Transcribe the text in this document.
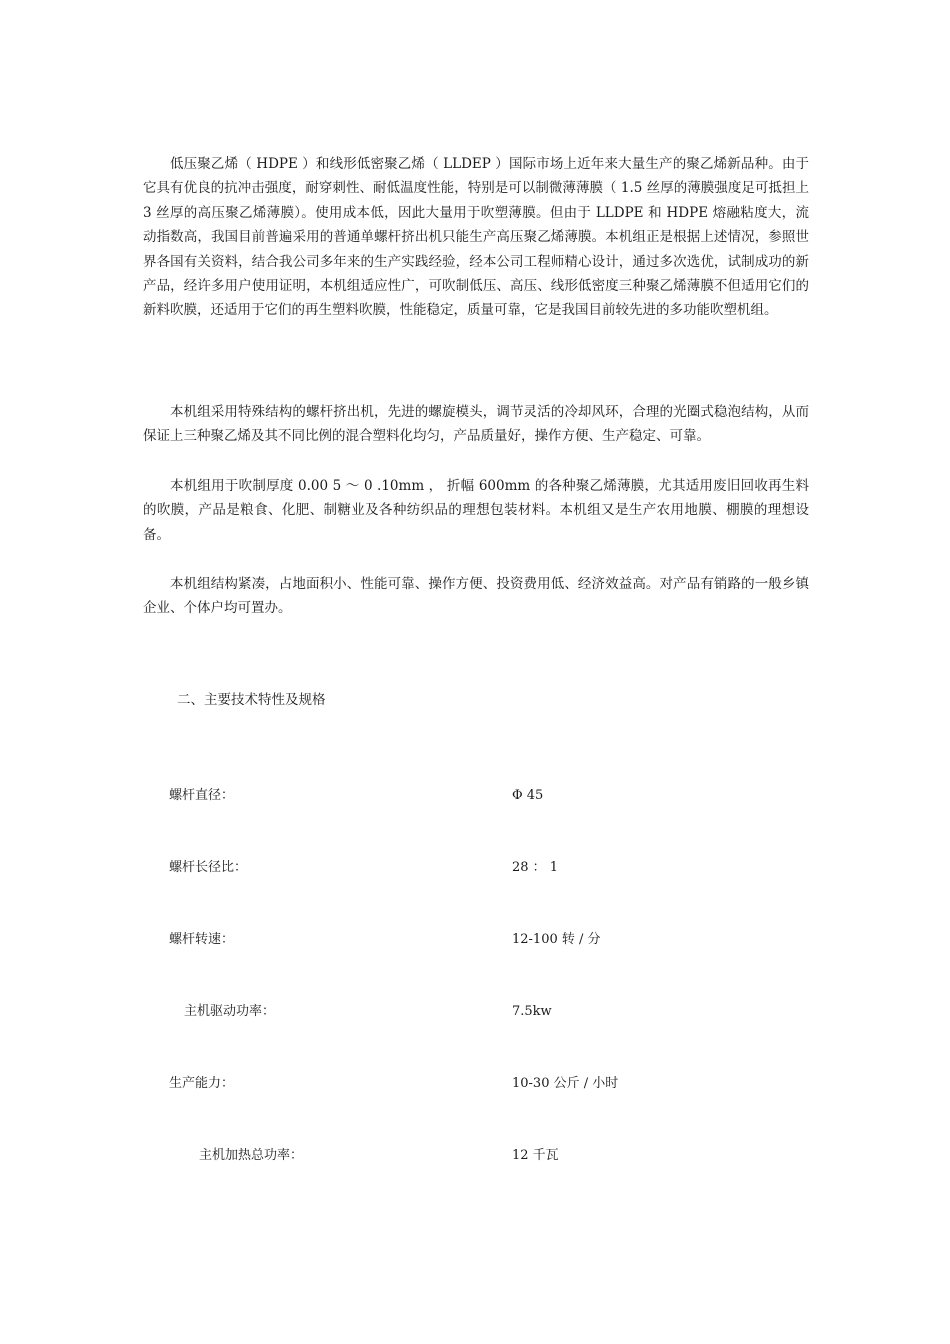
低压聚乙烯（ HDPE ）和线形低密聚乙烯（ LLDEP ）国际市场上近年来大量生产的聚乙烯新品种。由于它具有优良的抗冲击强度，耐穿刺性、耐低温度性能，特别是可以制微薄薄膜（ 1.5 丝厚的薄膜强度足可抵担上 3 丝厚的高压聚乙烯薄膜）。使用成本低，因此大量用于吹塑薄膜。但由于 LLDPE 和 HDPE 熔融粘度大，流动指数高，我国目前普遍采用的普通单螺杆挤出机只能生产高压聚乙烯薄膜。本机组正是根据上述情况，参照世界各国有关资料，结合我公司多年来的生产实践经验，经本公司工程师精心设计，通过多次选优，试制成功的新产品，经许多用户使用证明，本机组适应性广，可吹制低压、高压、线形低密度三种聚乙烯薄膜不但适用它们的新料吹膜，还适用于它们的再生塑料吹膜，性能稳定，质量可靠，它是我国目前较先进的多功能吹塑机组。

本机组采用特殊结构的螺杆挤出机，先进的螺旋模头，调节灵活的冷却风环，合理的光圈式稳泡结构，从而保证上三种聚乙烯及其不同比例的混合塑料化均匀，产品质量好，操作方便、生产稳定、可靠。

本机组用于吹制厚度 0.00 5 ～ 0 .10mm ， 折幅 600mm 的各种聚乙烯薄膜，尤其适用废旧回收再生料的吹膜，产品是粮食、化肥、制糖业及各种纺织品的理想包装材料。本机组又是生产农用地膜、棚膜的理想设备。

本机组结构紧凑，占地面积小、性能可靠、操作方便、投资费用低、经济效益高。对产品有销路的一般乡镇企业、个体户均可置办。

二、主要技术特性及规格

螺杆直径：	Φ 45
螺杆长径比：	28 ： 1
螺杆转速：	12-100 转 / 分
主机驱动功率：	7.5kw
生产能力：	10-30 公斤 / 小时
主机加热总功率：	12 千瓦
